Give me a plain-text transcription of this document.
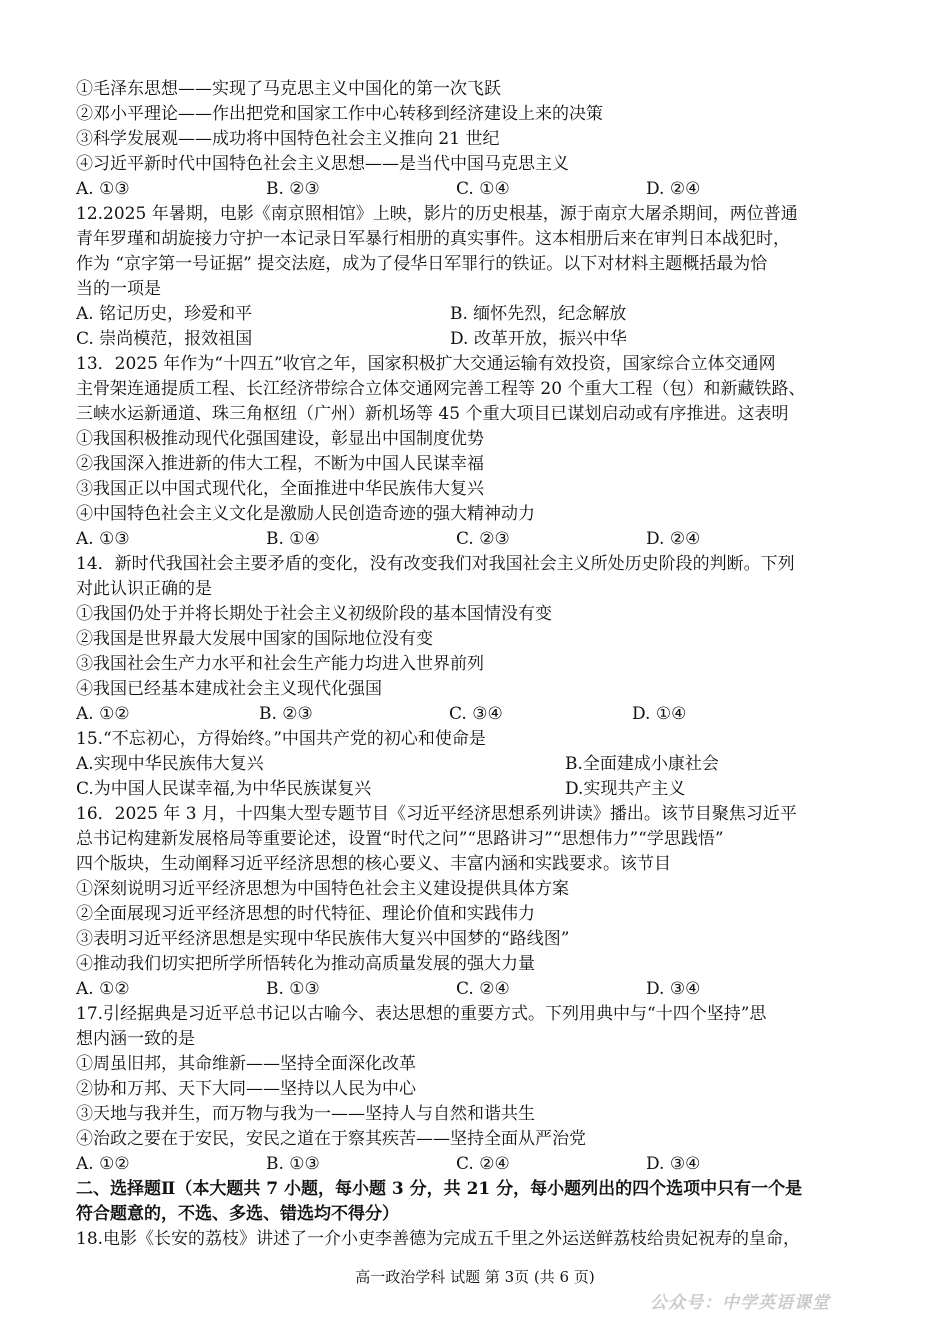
①毛泽东思想——实现了马克思主义中国化的第一次飞跃
②邓小平理论——作出把党和国家工作中心转移到经济建设上来的决策
③科学发展观——成功将中国特色社会主义推向 21 世纪
④习近平新时代中国特色社会主义思想——是当代中国马克思主义
A. ①③	B. ②③	C. ①④	D. ②④
12.2025 年暑期，电影《南京照相馆》上映，影片的历史根基，源于南京大屠杀期间，两位普通
青年罗瑾和胡旋接力守护一本记录日军暴行相册的真实事件。这本相册后来在审判日本战犯时，
作为 “京字第一号证据” 提交法庭，成为了侵华日军罪行的铁证。以下对材料主题概括最为恰
当的一项是
A. 铭记历史，珍爱和平	B. 缅怀先烈，纪念解放
C. 崇尚模范，报效祖国	D. 改革开放，振兴中华
13．2025 年作为“十四五”收官之年，国家积极扩大交通运输有效投资，国家综合立体交通网
主骨架连通提质工程、长江经济带综合立体交通网完善工程等 20 个重大工程（包）和新藏铁路、
三峡水运新通道、珠三角枢纽（广州）新机场等 45 个重大项目已谋划启动或有序推进。这表明
①我国积极推动现代化强国建设，彰显出中国制度优势
②我国深入推进新的伟大工程，不断为中国人民谋幸福
③我国正以中国式现代化，全面推进中华民族伟大复兴
④中国特色社会主义文化是激励人民创造奇迹的强大精神动力
A. ①③	B. ①④	C. ②③	D. ②④
14．新时代我国社会主要矛盾的变化，没有改变我们对我国社会主义所处历史阶段的判断。下列
对此认识正确的是
①我国仍处于并将长期处于社会主义初级阶段的基本国情没有变
②我国是世界最大发展中国家的国际地位没有变
③我国社会生产力水平和社会生产能力均进入世界前列
④我国已经基本建成社会主义现代化强国
A. ①②	B. ②③	C. ③④	D. ①④
15.“不忘初心，方得始终。”中国共产党的初心和使命是
A.实现中华民族伟大复兴	B.全面建成小康社会
C.为中国人民谋幸福,为中华民族谋复兴	D.实现共产主义
16．2025 年 3 月，十四集大型专题节目《习近平经济思想系列讲读》播出。该节目聚焦习近平
总书记构建新发展格局等重要论述，设置“时代之问”“思路讲习”“思想伟力”“学思践悟”
四个版块，生动阐释习近平经济思想的核心要义、丰富内涵和实践要求。该节目
①深刻说明习近平经济思想为中国特色社会主义建设提供具体方案
②全面展现习近平经济思想的时代特征、理论价值和实践伟力
③表明习近平经济思想是实现中华民族伟大复兴中国梦的“路线图”
④推动我们切实把所学所悟转化为推动高质量发展的强大力量
A. ①②	B. ①③	C. ②④	D. ③④
17.引经据典是习近平总书记以古喻今、表达思想的重要方式。下列用典中与“十四个坚持”思
想内涵一致的是
①周虽旧邦，其命维新——坚持全面深化改革
②协和万邦、天下大同——坚持以人民为中心
③天地与我并生，而万物与我为一——坚持人与自然和谐共生
④治政之要在于安民，安民之道在于察其疾苦——坚持全面从严治党
A. ①②	B. ①③	C. ②④	D. ③④
二、选择题Ⅱ（本大题共 7 小题，每小题 3 分，共 21 分，每小题列出的四个选项中只有一个是
符合题意的，不选、多选、错选均不得分）
18.电影《长安的荔枝》讲述了一介小吏李善德为完成五千里之外运送鲜荔枝给贵妃祝寿的皇命，
高一政治学科 试题 第 3页 (共 6 页)
公众号：中学英语课堂
